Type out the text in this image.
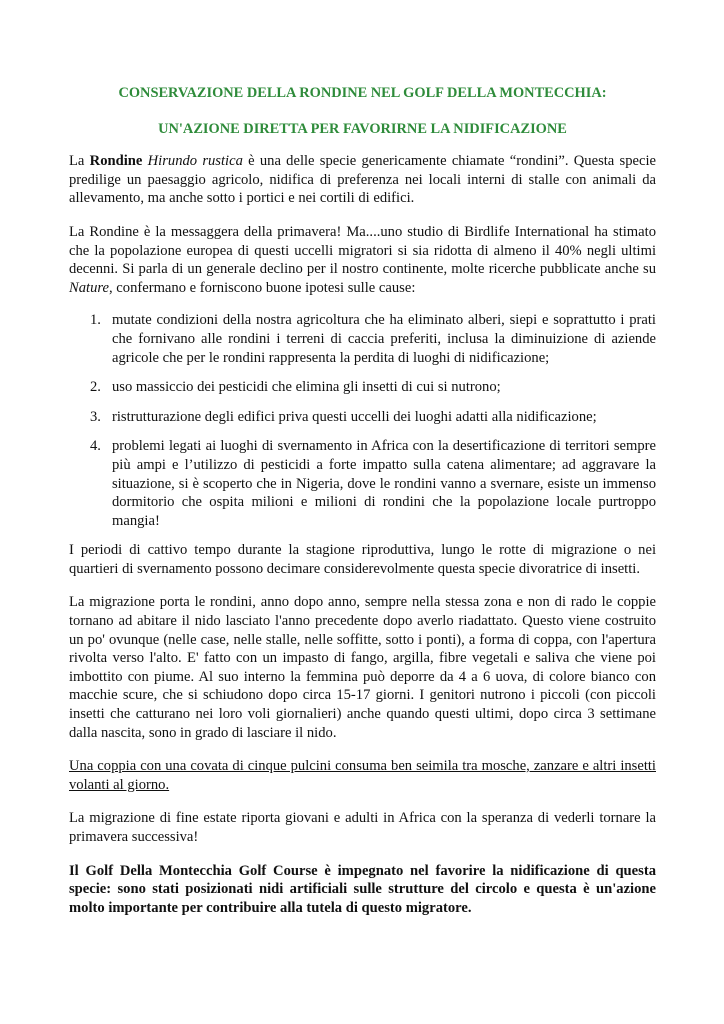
CONSERVAZIONE DELLA RONDINE NEL GOLF DELLA MONTECCHIA:
UN'AZIONE DIRETTA PER FAVORIRNE LA NIDIFICAZIONE

La Rondine Hirundo rustica è una delle specie genericamente chiamate “rondini”. Questa specie predilige un paesaggio agricolo, nidifica di preferenza nei locali interni di stalle con animali da allevamento, ma anche sotto i portici e nei cortili di edifici.

La Rondine è la messaggera della primavera! Ma....uno studio di Birdlife International ha stimato che la popolazione europea di questi uccelli migratori si sia ridotta di almeno il 40% negli ultimi decenni. Si parla di un generale declino per il nostro continente, molte ricerche pubblicate anche su Nature, confermano e forniscono buone ipotesi sulle cause:

1. mutate condizioni della nostra agricoltura che ha eliminato alberi, siepi e soprattutto i prati che fornivano alle rondini i terreni di caccia preferiti, inclusa la diminuizione di aziende agricole che per le rondini rappresenta la perdita di luoghi di nidificazione;
2. uso massiccio dei pesticidi che elimina gli insetti di cui si nutrono;
3. ristrutturazione degli edifici priva questi uccelli dei luoghi adatti alla nidificazione;
4. problemi legati ai luoghi di svernamento in Africa con la desertificazione di territori sempre più ampi e l’utilizzo di pesticidi a forte impatto sulla catena alimentare; ad aggravare la situazione, si è scoperto che in Nigeria, dove le rondini vanno a svernare, esiste un immenso dormitorio che ospita milioni e milioni di rondini che la popolazione locale purtroppo mangia!

I periodi di cattivo tempo durante la stagione riproduttiva, lungo le rotte di migrazione o nei quartieri di svernamento possono decimare considerevolmente questa specie divoratrice di insetti.

La migrazione porta le rondini, anno dopo anno, sempre nella stessa zona e non di rado le coppie tornano ad abitare il nido lasciato l'anno precedente dopo averlo riadattato. Questo viene costruito un po' ovunque (nelle case, nelle stalle, nelle soffitte, sotto i ponti), a forma di coppa, con l'apertura rivolta verso l'alto. E' fatto con un impasto di fango, argilla, fibre vegetali e saliva che viene poi imbottito con piume. Al suo interno la femmina può deporre da 4 a 6 uova, di colore bianco con macchie scure, che si schiudono dopo circa 15-17 giorni. I genitori nutrono i piccoli (con piccoli insetti che catturano nei loro voli giornalieri) anche quando questi ultimi, dopo circa 3 settimane dalla nascita, sono in grado di lasciare il nido.

Una coppia con una covata di cinque pulcini consuma ben seimila tra mosche, zanzare e altri insetti volanti al giorno.

La migrazione di fine estate riporta giovani e adulti in Africa con la speranza di vederli tornare la primavera successiva!

Il Golf Della Montecchia Golf Course è impegnato nel favorire la nidificazione di questa specie: sono stati posizionati nidi artificiali sulle strutture del circolo e questa è un'azione molto importante per contribuire alla tutela di questo migratore.
